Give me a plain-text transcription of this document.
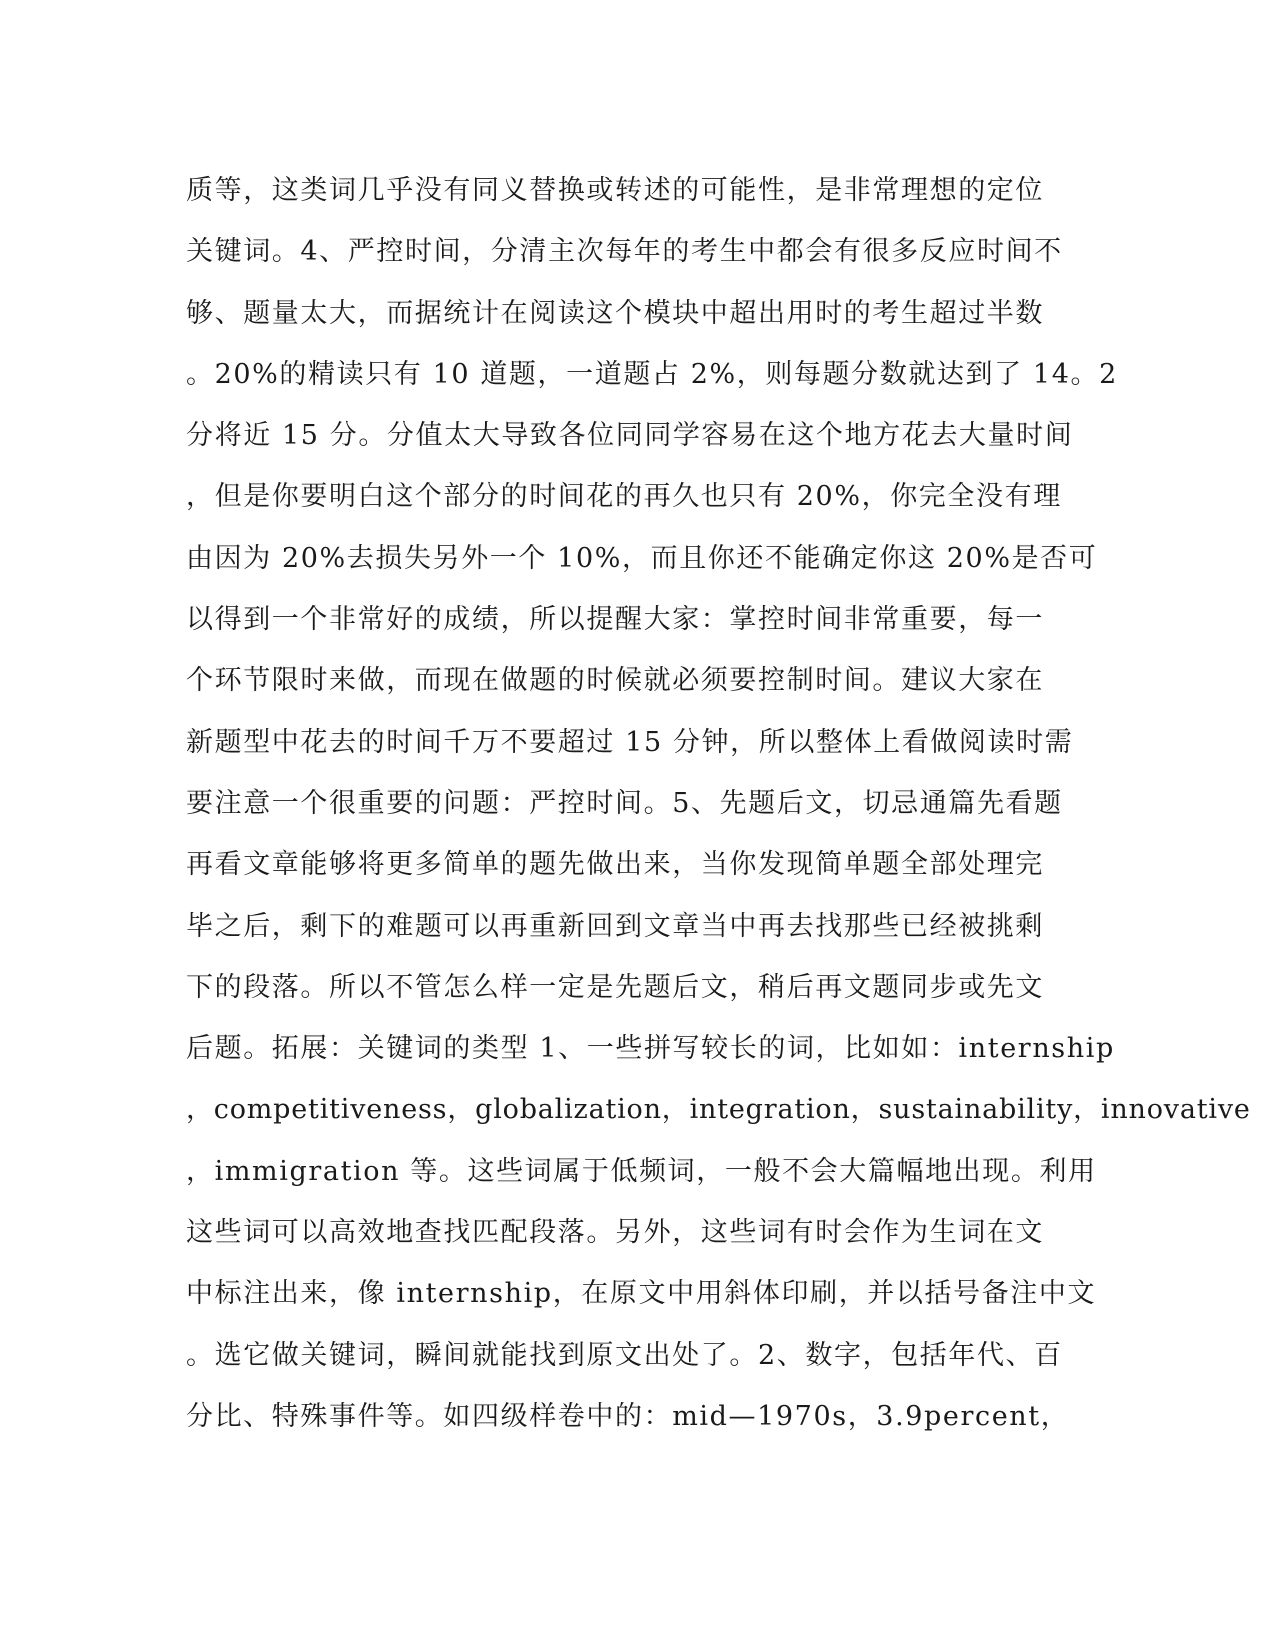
质等，这类词几乎没有同义替换或转述的可能性，是非常理想的定位
关键词。4、严控时间，分清主次每年的考生中都会有很多反应时间不
够、题量太大，而据统计在阅读这个模块中超出用时的考生超过半数
。20%的精读只有 10 道题，一道题占 2%，则每题分数就达到了 14。2
分将近 15 分。分值太大导致各位同同学容易在这个地方花去大量时间
，但是你要明白这个部分的时间花的再久也只有 20%，你完全没有理
由因为 20%去损失另外一个 10%，而且你还不能确定你这 20%是否可
以得到一个非常好的成绩，所以提醒大家：掌控时间非常重要，每一
个环节限时来做，而现在做题的时候就必须要控制时间。建议大家在
新题型中花去的时间千万不要超过 15 分钟，所以整体上看做阅读时需
要注意一个很重要的问题：严控时间。5、先题后文，切忌通篇先看题
再看文章能够将更多简单的题先做出来，当你发现简单题全部处理完
毕之后，剩下的难题可以再重新回到文章当中再去找那些已经被挑剩
下的段落。所以不管怎么样一定是先题后文，稍后再文题同步或先文
后题。拓展：关键词的类型 1、一些拼写较长的词，比如如：internship
，competitiveness，globalization，integration，sustainability，innovative
，immigration 等。这些词属于低频词，一般不会大篇幅地出现。利用
这些词可以高效地查找匹配段落。另外，这些词有时会作为生词在文
中标注出来，像 internship，在原文中用斜体印刷，并以括号备注中文
。选它做关键词，瞬间就能找到原文出处了。2、数字，包括年代、百
分比、特殊事件等。如四级样卷中的：mid—1970s，3.9percent，
